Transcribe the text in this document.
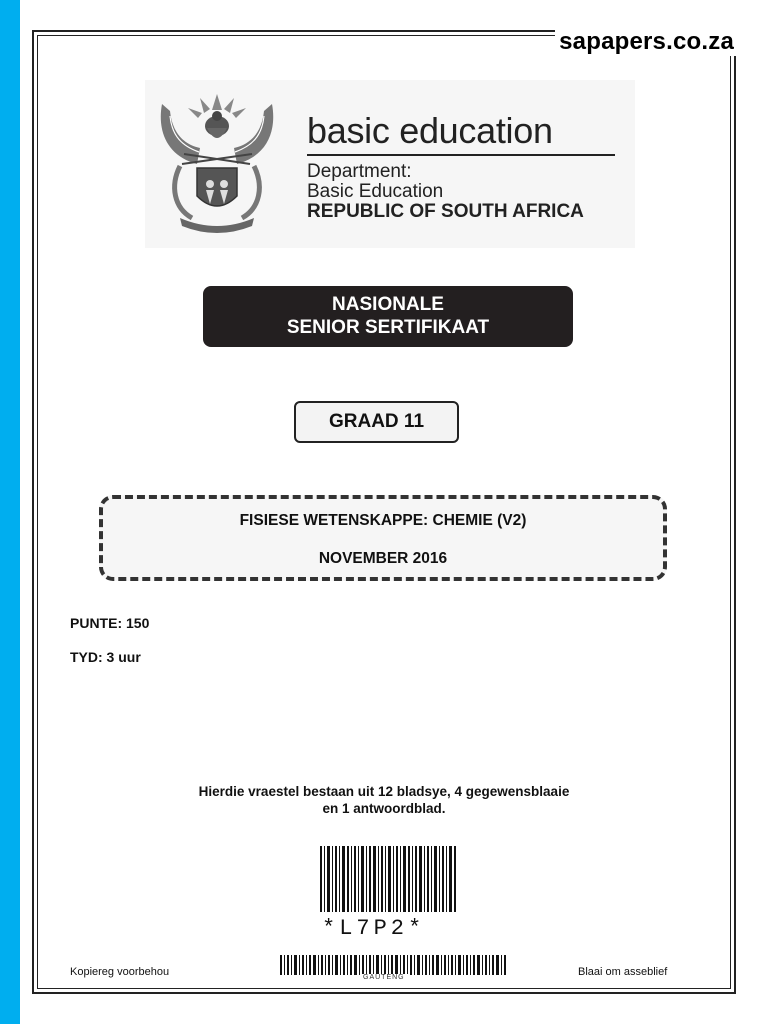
sapapers.co.za
basic education
Department:
Basic Education
REPUBLIC OF SOUTH AFRICA
NASIONALE
SENIOR SERTIFIKAAT
GRAAD 11
FISIESE WETENSKAPPE: CHEMIE (V2)
NOVEMBER 2016
PUNTE: 150
TYD: 3 uur
Hierdie vraestel bestaan uit 12 bladsye, 4 gegewensblaaie
en 1 antwoordblad.
*L7P2*
GAUTENG
Kopiereg voorbehou	Blaai om asseblief
